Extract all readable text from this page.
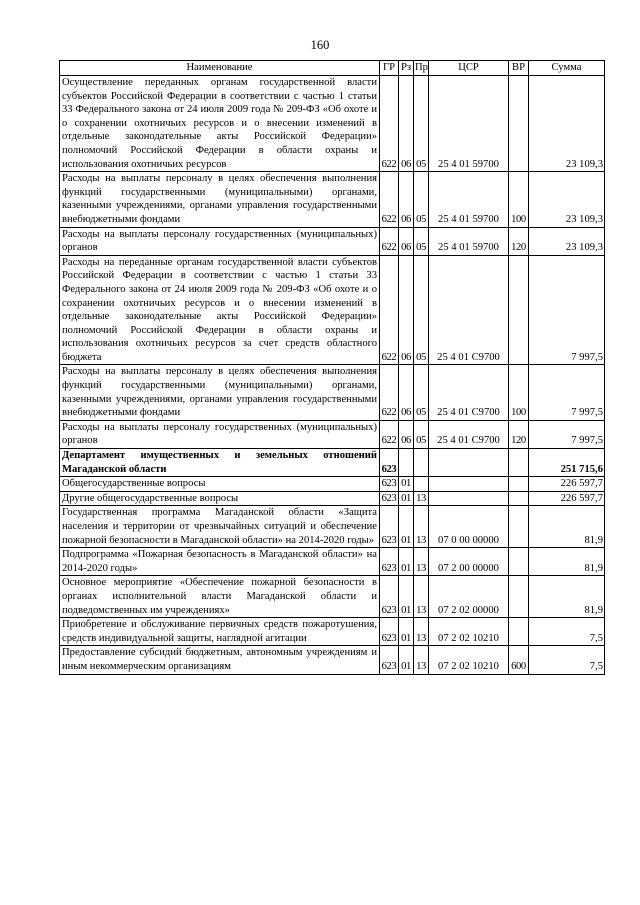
160
Наименование	ГР	Рз	Пр	ЦСР	ВР	Сумма
Осуществление переданных органам государственной власти субъектов Российской Федерации в соответствии с частью 1 статьи 33 Федерального закона от 24 июля 2009 года № 209-ФЗ «Об охоте и о сохранении охотничьих ресурсов и о внесении изменений в отдельные законодательные акты Российской Федерации» полномочий Российской Федерации в области охраны и использования охотничьих ресурсов	622	06	05	25 4 01 59700		23 109,3
Расходы на выплаты персоналу в целях обеспечения выполнения функций государственными (муниципальными) органами, казенными учреждениями, органами управления государственными внебюджетными фондами	622	06	05	25 4 01 59700	100	23 109,3
Расходы на выплаты персоналу государственных (муниципальных) органов	622	06	05	25 4 01 59700	120	23 109,3
Расходы на переданные органам государственной власти субъектов Российской Федерации в соответствии с частью 1 статьи 33 Федерального закона от 24 июля 2009 года № 209-ФЗ «Об охоте и о сохранении охотничьих ресурсов и о внесении изменений в отдельные законодательные акты Российской Федерации» полномочий Российской Федерации в области охраны и использования охотничьих ресурсов за счет средств областного бюджета	622	06	05	25 4 01 С9700		7 997,5
Расходы на выплаты персоналу в целях обеспечения выполнения функций государственными (муниципальными) органами, казенными учреждениями, органами управления государственными внебюджетными фондами	622	06	05	25 4 01 С9700	100	7 997,5
Расходы на выплаты персоналу государственных (муниципальных) органов	622	06	05	25 4 01 С9700	120	7 997,5
Департамент имущественных и земельных отношений Магаданской области	623					251 715,6
Общегосударственные вопросы	623	01				226 597,7
Другие общегосударственные вопросы	623	01	13			226 597,7
Государственная программа Магаданской области «Защита населения и территории от чрезвычайных ситуаций и обеспечение пожарной безопасности в Магаданской области» на 2014-2020 годы»	623	01	13	07 0 00 00000		81,9
Подпрограмма «Пожарная безопасность в Магаданской области» на 2014-2020 годы»	623	01	13	07 2 00 00000		81,9
Основное мероприятие «Обеспечение пожарной безопасности в органах исполнительной власти Магаданской области и подведомственных им учреждениях»	623	01	13	07 2 02 00000		81,9
Приобретение и обслуживание первичных средств пожаротушения, средств индивидуальной защиты, наглядной агитации	623	01	13	07 2 02 10210		7,5
Предоставление субсидий бюджетным, автономным учреждениям и иным некоммерческим организациям	623	01	13	07 2 02 10210	600	7,5
